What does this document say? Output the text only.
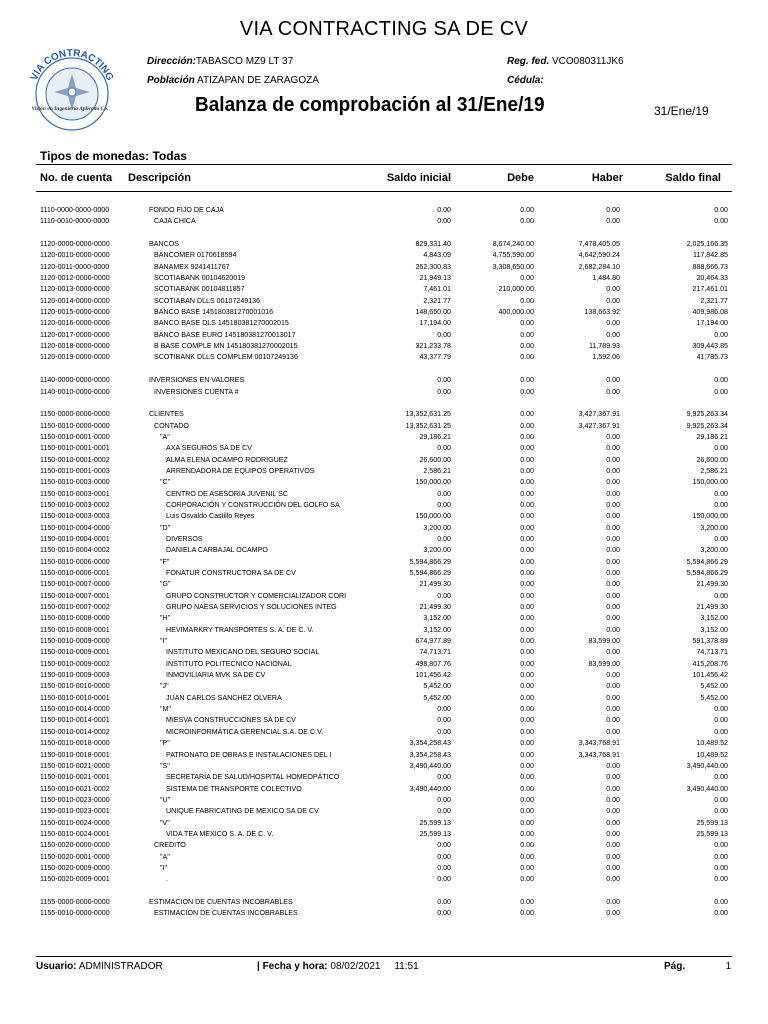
VIA CONTRACTING SA DE CV
VIA CONTRACTING
Visión en Ingeniería Aplicada Co.
Dirección:TABASCO MZ9 LT 37	Reg. fed. VCO080311JK6
Población ATIZAPAN DE ZARAGOZA	Cédula:
Balanza de comprobación al 31/Ene/19	31/Ene/19
Tipos de monedas: Todas
No. de cuenta Descripción	Saldo inicial	Debe	Haber	Saldo final
1110-0000-0000-0000	FONDO FIJO DE CAJA	0.00	0.00	0.00	0.00
1110-0010-0000-0000	CAJA CHICA	0.00	0.00	0.00	0.00
1120-0000-0000-0000	BANCOS	829,331.40	8,674,240.00	7,478,405.05	2,025,166.35
1120-0010-0000-0000	BANCOMER 0170618594	4,843.09	4,755,590.00	4,642,590.24	117,842.85
1120-0011-0000-0000	BANAMEX 9241411767	262,300.83	3,308,650.00	2,682,284.10	888,666.73
1120-0012-0000-0000	SCOTIABANK 00104620019	21,949.13	0.00	1,484.80	20,464.33
1120-0013-0000-0000	SCOTIABANK 00104811857	7,461.01	210,000.00	0.00	217,461.01
1120-0014-0000-0000	SCOTIABAN DLLS 00107249136	2,321.77	0.00	0.00	2,321.77
1120-0015-0000-0000	BANCO BASE 145180381270001016	148,650.00	400,000.00	138,663.92	409,986.08
1120-0016-0000-0000	BANCO BASE DLS 145180381270002015	17,194.00	0.00	0.00	17,194.00
1120-0017-0000-0000	BANCO BASE EURO 145180381270013017	0.00	0.00	0.00	0.00
1120-0018-0000-0000	B BASE COMPLE MN 145180381270002015	321,233.78	0.00	11,789.93	309,443.85
1120-0019-0000-0000	SCOTIBANK DLLS COMPLEM 00107249136	43,377.79	0.00	1,592.06	41,785.73
1140-0000-0000-0000	INVERSIONES EN VALORES	0.00	0.00	0.00	0.00
1140-0010-0000-0000	INVERSIONES CUENTA #	0.00	0.00	0.00	0.00
1150-0000-0000-0000	CLIENTES	13,352,631.25	0.00	3,427,367.91	9,925,263.34
1150-0010-0000-0000	CONTADO	13,352,631.25	0.00	3,427,367.91	9,925,263.34
1150-0010-0001-0000	"A"	29,186.21	0.00	0.00	29,186.21
1150-0010-0001-0001	AXA SEGUROS SA DE CV	0.00	0.00	0.00	0.00
1150-0010-0001-0002	ALMA ELENA OCAMPO RODRIGUEZ	26,600.00	0.00	0.00	26,600.00
1150-0010-0001-0003	ARRENDADORA DE EQUIPOS OPERATIVOS	2,586.21	0.00	0.00	2,586.21
1150-0010-0003-0000	"C"	150,000.00	0.00	0.00	150,000.00
1150-0010-0003-0001	CENTRO DE ASESORIA JUVENIL SC	0.00	0.00	0.00	0.00
1150-0010-0003-0002	CORPORACIÓN Y CONSTRUCCIÓN DEL GOLFO SA	0.00	0.00	0.00	0.00
1150-0010-0003-0003	Luis Osvaldo Castillo Reyes	150,000.00	0.00	0.00	150,000.00
1150-0010-0004-0000	"D"	3,200.00	0.00	0.00	3,200.00
1150-0010-0004-0001	DIVERSOS	0.00	0.00	0.00	0.00
1150-0010-0004-0002	DANIELA CARBAJAL OCAMPO	3,200.00	0.00	0.00	3,200.00
1150-0010-0006-0000	"F"	5,594,866.29	0.00	0.00	5,594,866.29
1150-0010-0006-0001	FONATUR CONSTRUCTORA SA DE CV	5,594,866.29	0.00	0.00	5,594,866.29
1150-0010-0007-0000	"G"	21,499.30	0.00	0.00	21,499.30
1150-0010-0007-0001	GRUPO CONSTRUCTOR Y COMERCIALIZADOR CORI	0.00	0.00	0.00	0.00
1150-0010-0007-0002	GRUPO NAESA SERVICIOS Y SOLUCIONES INTEG	21,499.30	0.00	0.00	21,499.30
1150-0010-0008-0000	"H"	3,152.00	0.00	0.00	3,152.00
1150-0010-0008-0001	HEVIMARKRY TRANSPORTES S. A. DE C. V.	3,152.00	0.00	0.00	3,152.00
1150-0010-0009-0000	"I"	674,977.89	0.00	83,599.00	591,378.89
1150-0010-0009-0001	INSTITUTO MEXICANO DEL SEGURO SOCIAL	74,713.71	0.00	0.00	74,713.71
1150-0010-0009-0002	INSTITUTO POLITECNICO NACIONAL	498,807.76	0.00	83,599.00	415,208.76
1150-0010-0009-0003	INMOVILIARIA MVK SA DE CV	101,456.42	0.00	0.00	101,456.42
1150-0010-0010-0000	"J"	5,452.00	0.00	0.00	5,452.00
1150-0010-0010-0001	JUAN CARLOS SANCHEZ OLVERA	5,452.00	0.00	0.00	5,452.00
1150-0010-0014-0000	"M"	0.00	0.00	0.00	0.00
1150-0010-0014-0001	MIESVA CONSTRUCCIONES SA DE CV	0.00	0.00	0.00	0.00
1150-0010-0014-0002	MICROINFORMÁTICA GERENCIAL S.A. DE C.V.	0.00	0.00	0.00	0.00
1150-0010-0018-0000	"P"	3,354,258.43	0.00	3,343,768.91	10,489.52
1150-0010-0018-0001	PATRONATO DE OBRAS E INSTALACIONES DEL I	3,354,258.43	0.00	3,343,768.91	10,489.52
1150-0010-0021-0000	"S"	3,490,440.00	0.00	0.00	3,490,440.00
1150-0010-0021-0001	SECRETARÍA DE SALUD/HOSPITAL HOMEOPÁTICO	0.00	0.00	0.00	0.00
1150-0010-0021-0002	SISTEMA DE TRANSPORTE COLECTIVO	3,490,440.00	0.00	0.00	3,490,440.00
1150-0010-0023-0000	"U"	0.00	0.00	0.00	0.00
1150-0010-0023-0001	UNIQUE FABRICATING DE MEXICO SA DE CV	0.00	0.00	0.00	0.00
1150-0010-0024-0000	"V"	25,599.13	0.00	0.00	25,599.13
1150-0010-0024-0001	VIDA TEA MEXICO S. A. DE C. V.	25,599.13	0.00	0.00	25,599.13
1150-0020-0000-0000	CREDITO	0.00	0.00	0.00	0.00
1150-0020-0001-0000	"A"	0.00	0.00	0.00	0.00
1150-0020-0009-0000	"I"	0.00	0.00	0.00	0.00
1150-0020-0009-0001	.	0.00	0.00	0.00	0.00
1155-0000-0000-0000	ESTIMACION DE CUENTAS INCOBRABLES	0.00	0.00	0.00	0.00
1155-0010-0000-0000	ESTIMACION DE CUENTAS INCOBRABLES	0.00	0.00	0.00	0.00
Usuario: ADMINISTRADOR	| Fecha y hora: 08/02/2021 11:51	Pág.	1
